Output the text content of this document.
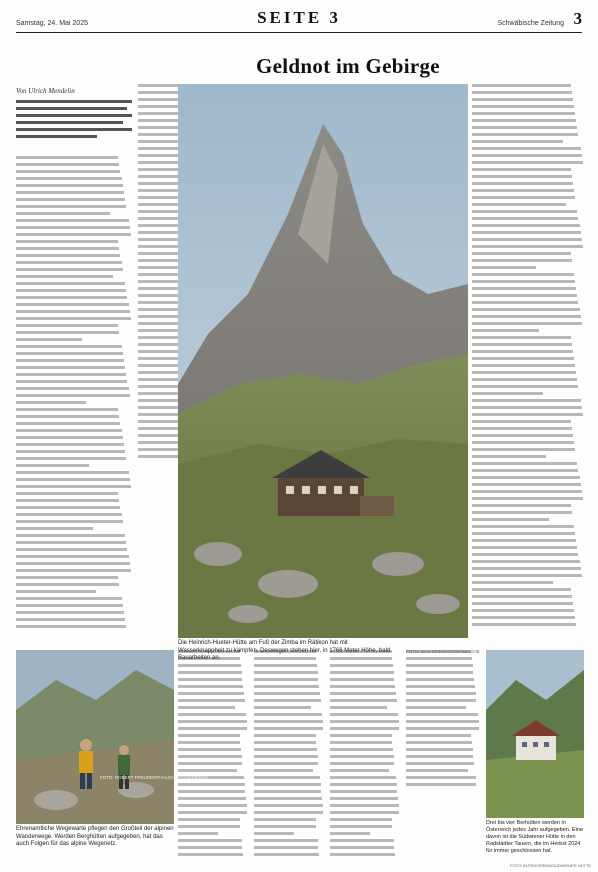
Samstag, 24. Mai 2025	SEITE 3	Schwäbische Zeitung 3
Geldnot im Gebirge
Von Ulrich Mendelin
Die Heinrich-Hueter-Hütte am Fuß der Zimba im Rätikon hat mit Wasserknappheit zu kämpfen. Deswegen stehen hier, in 1766 Meter Höhe, bald Bauarbeiten an.
FOTO: MAX ODER/SCHWÄBISCHE
Ehrenamtliche Wegewarte pflegen den Großteil der alpinen Wanderwege. Werden Berghütten aufgegeben, hat das auch Folgen für das alpine Wegenetz.
FOTO: ROBERT FREUDENTHAL/DAV/GYSEMBERG
Drei bis vier Berhütten werden in Österreich jedes Jahr aufgegeben. Eine davon ist die Südwiener Hütte in den Radstädter Tauern, die im Herbst 2024 für immer geschlossen hat.
FOTO: ALPENVEREIN/SÜDWIENER HÜTTE
